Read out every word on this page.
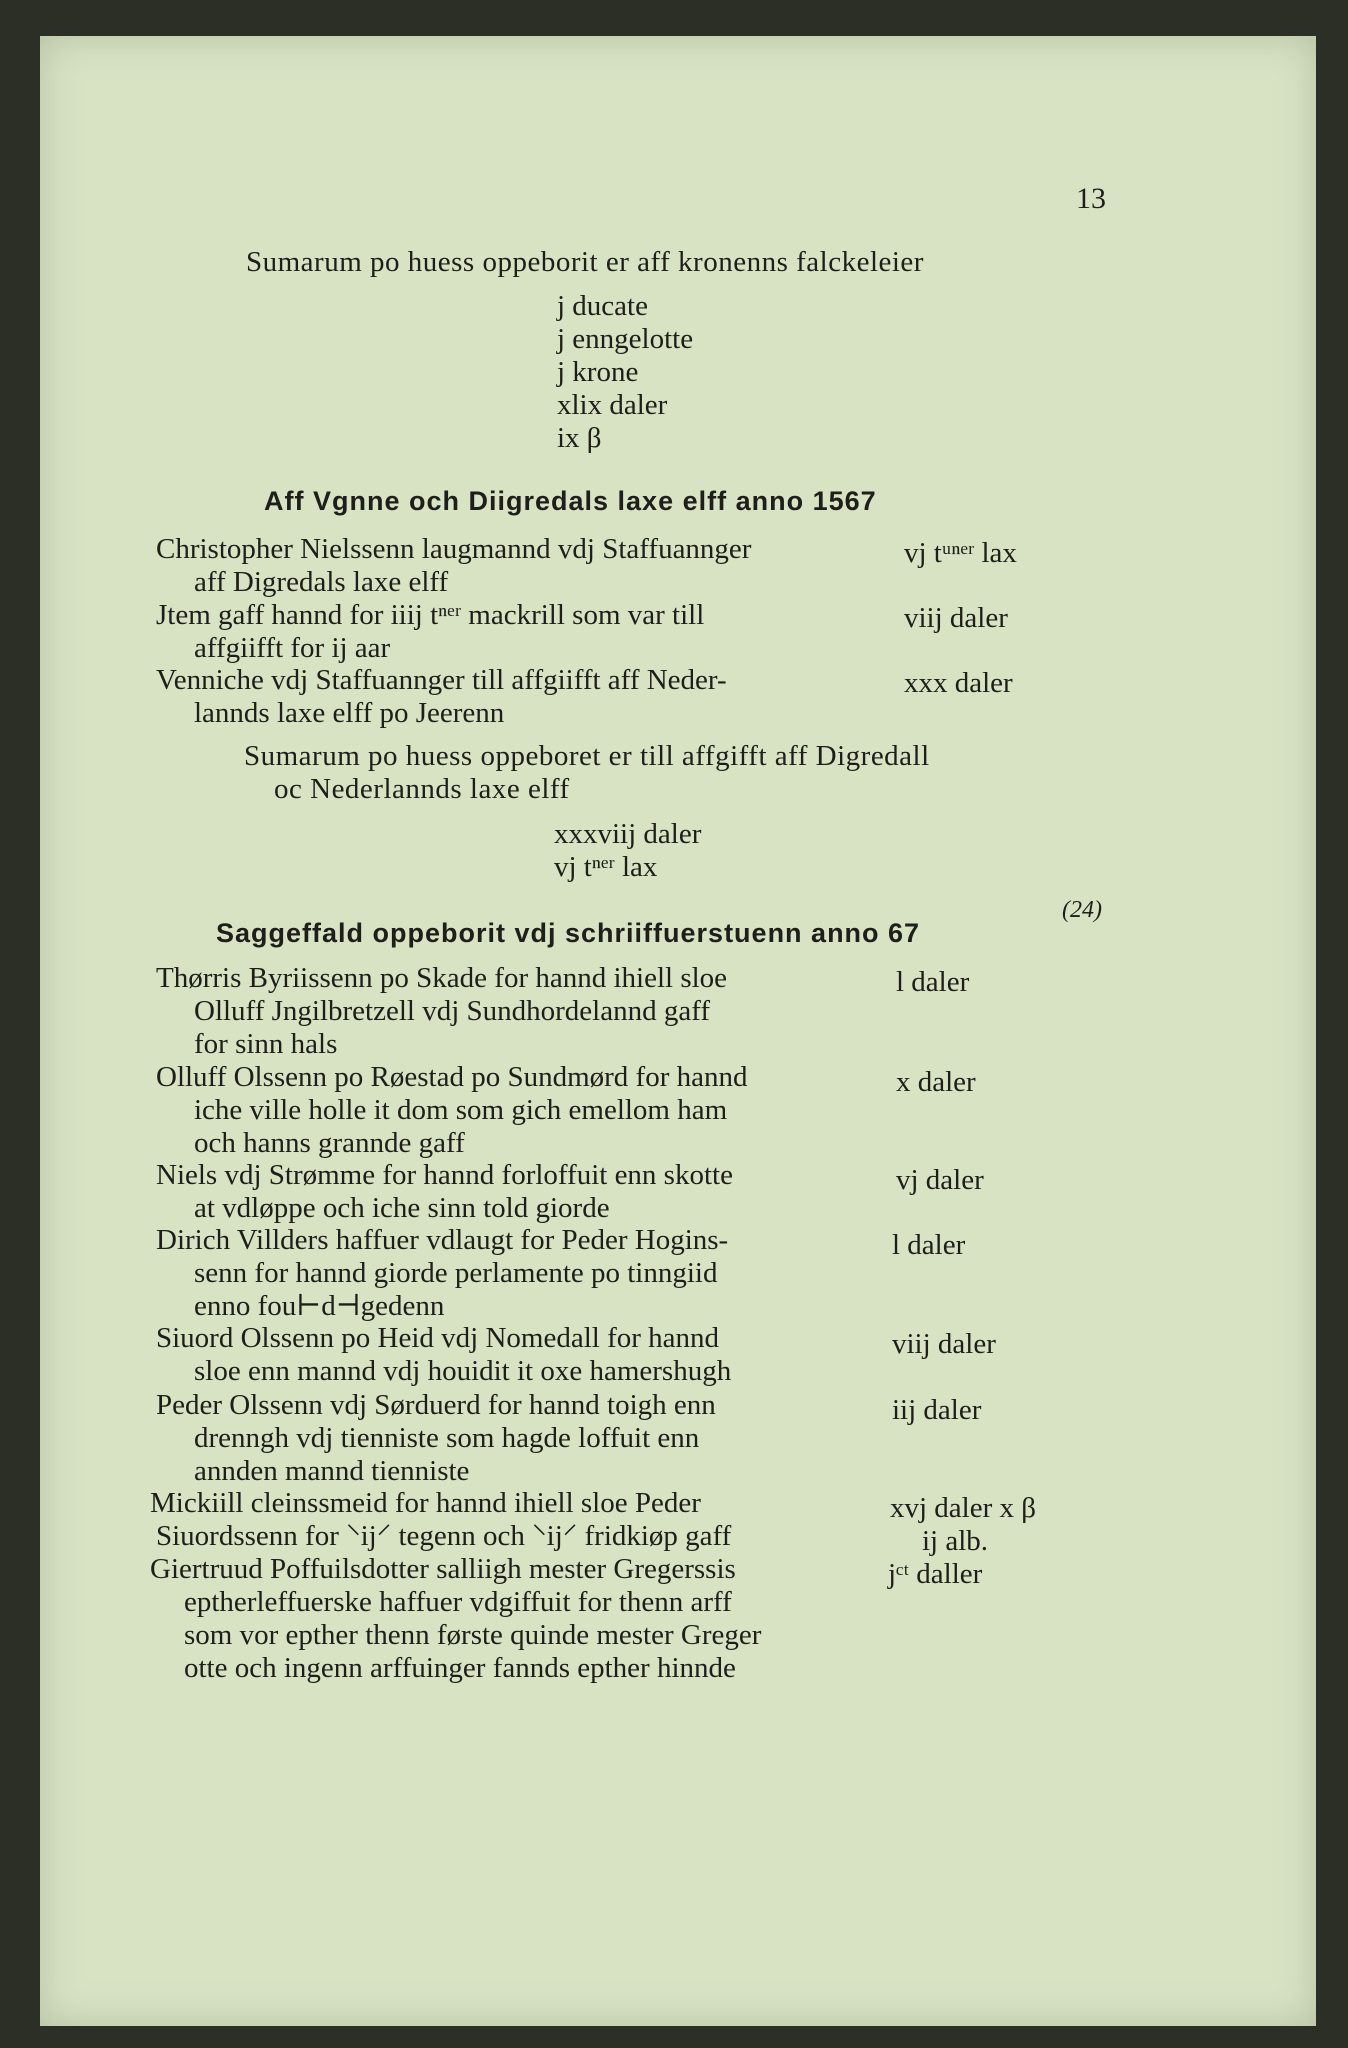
13
(24)
Sumarum po huess oppeborit er aff kronenns falckeleier
j ducate
j enngelotte
j krone
xlix daler
ix β
Aff Vgnne och Diigredals laxe elff anno 1567
Christopher Nielssenn laugmannd vdj Staffuannger
aff Digredals laxe elff
vj tᵘⁿᵉʳ lax
Jtem gaff hannd for iiij tⁿᵉʳ mackrill som var till
affgiifft for ij aar
viij daler
Venniche vdj Staffuannger till affgiifft aff Neder-
lannds laxe elff po Jeerenn
xxx daler
Sumarum po huess oppeboret er till affgifft aff Digredall
oc Nederlannds laxe elff
xxxviij daler
vj tⁿᵉʳ lax
Saggeffald oppeborit vdj schriiffuerstuenn anno 67
Thørris Byriissenn po Skade for hannd ihiell sloe
Olluff Jngilbretzell vdj Sundhordelannd gaff
for sinn hals
l daler
Olluff Olssenn po Røestad po Sundmørd for hannd
iche ville holle it dom som gich emellom ham
och hanns grannde gaff
x daler
Niels vdj Strømme for hannd forloffuit enn skotte
at vdløppe och iche sinn told giorde
vj daler
Dirich Villders haffuer vdlaugt for Peder Hogins-
senn for hannd giorde perlamente po tinngiid
enno fou⊢d⊣gedenn
l daler
Siuord Olssenn po Heid vdj Nomedall for hannd
sloe enn mannd vdj houidit it oxe hamershugh
viij daler
Peder Olssenn vdj Sørduerd for hannd toigh enn
drenngh vdj tienniste som hagde loffuit enn
annden mannd tienniste
iij daler
Mickiill cleinssmeid for hannd ihiell sloe Peder
Siuordssenn for ⸌ij⸍ tegenn och ⸌ij⸍ fridkiøp gaff
xvj daler x β
ij alb.
Giertruud Poffuilsdotter salliigh mester Gregerssis
eptherleffuerske haffuer vdgiffuit for thenn arff
som vor epther thenn første quinde mester Greger
otte och ingenn arffuinger fannds epther hinnde
jᶜᵗ daller
